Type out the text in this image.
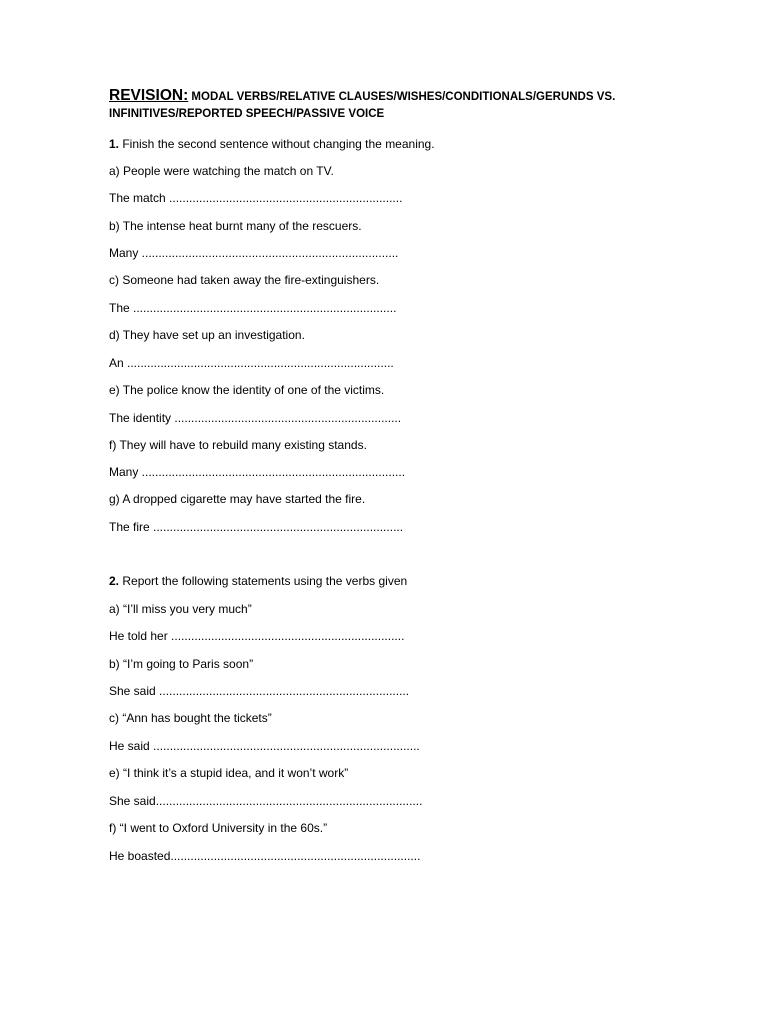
REVISION: MODAL VERBS/RELATIVE CLAUSES/WISHES/CONDITIONALS/GERUNDS VS.
INFINITIVES/REPORTED SPEECH/PASSIVE VOICE
1. Finish the second sentence without changing the meaning.
a) People were watching the match on TV.
The match ......................................................................
b) The intense heat burnt many of the rescuers.
Many .............................................................................
c) Someone had taken away the fire-extinguishers.
The ...............................................................................
d) They have set up an investigation.
An ................................................................................
e) The police know the identity of one of the victims.
The identity ....................................................................
f) They will have to rebuild many existing stands.
Many ...............................................................................
g) A dropped cigarette may have started the fire.
The fire ...........................................................................
2. Report the following statements using the verbs given
a) “I’ll miss you very much”
He told her ......................................................................
b) “I’m going to Paris soon”
She said ...........................................................................
c) “Ann has bought the tickets”
He said ................................................................................
e) “I think it’s a stupid idea, and it won’t work”
She said................................................................................
f) “I went to Oxford University in the 60s.”
He boasted...........................................................................
